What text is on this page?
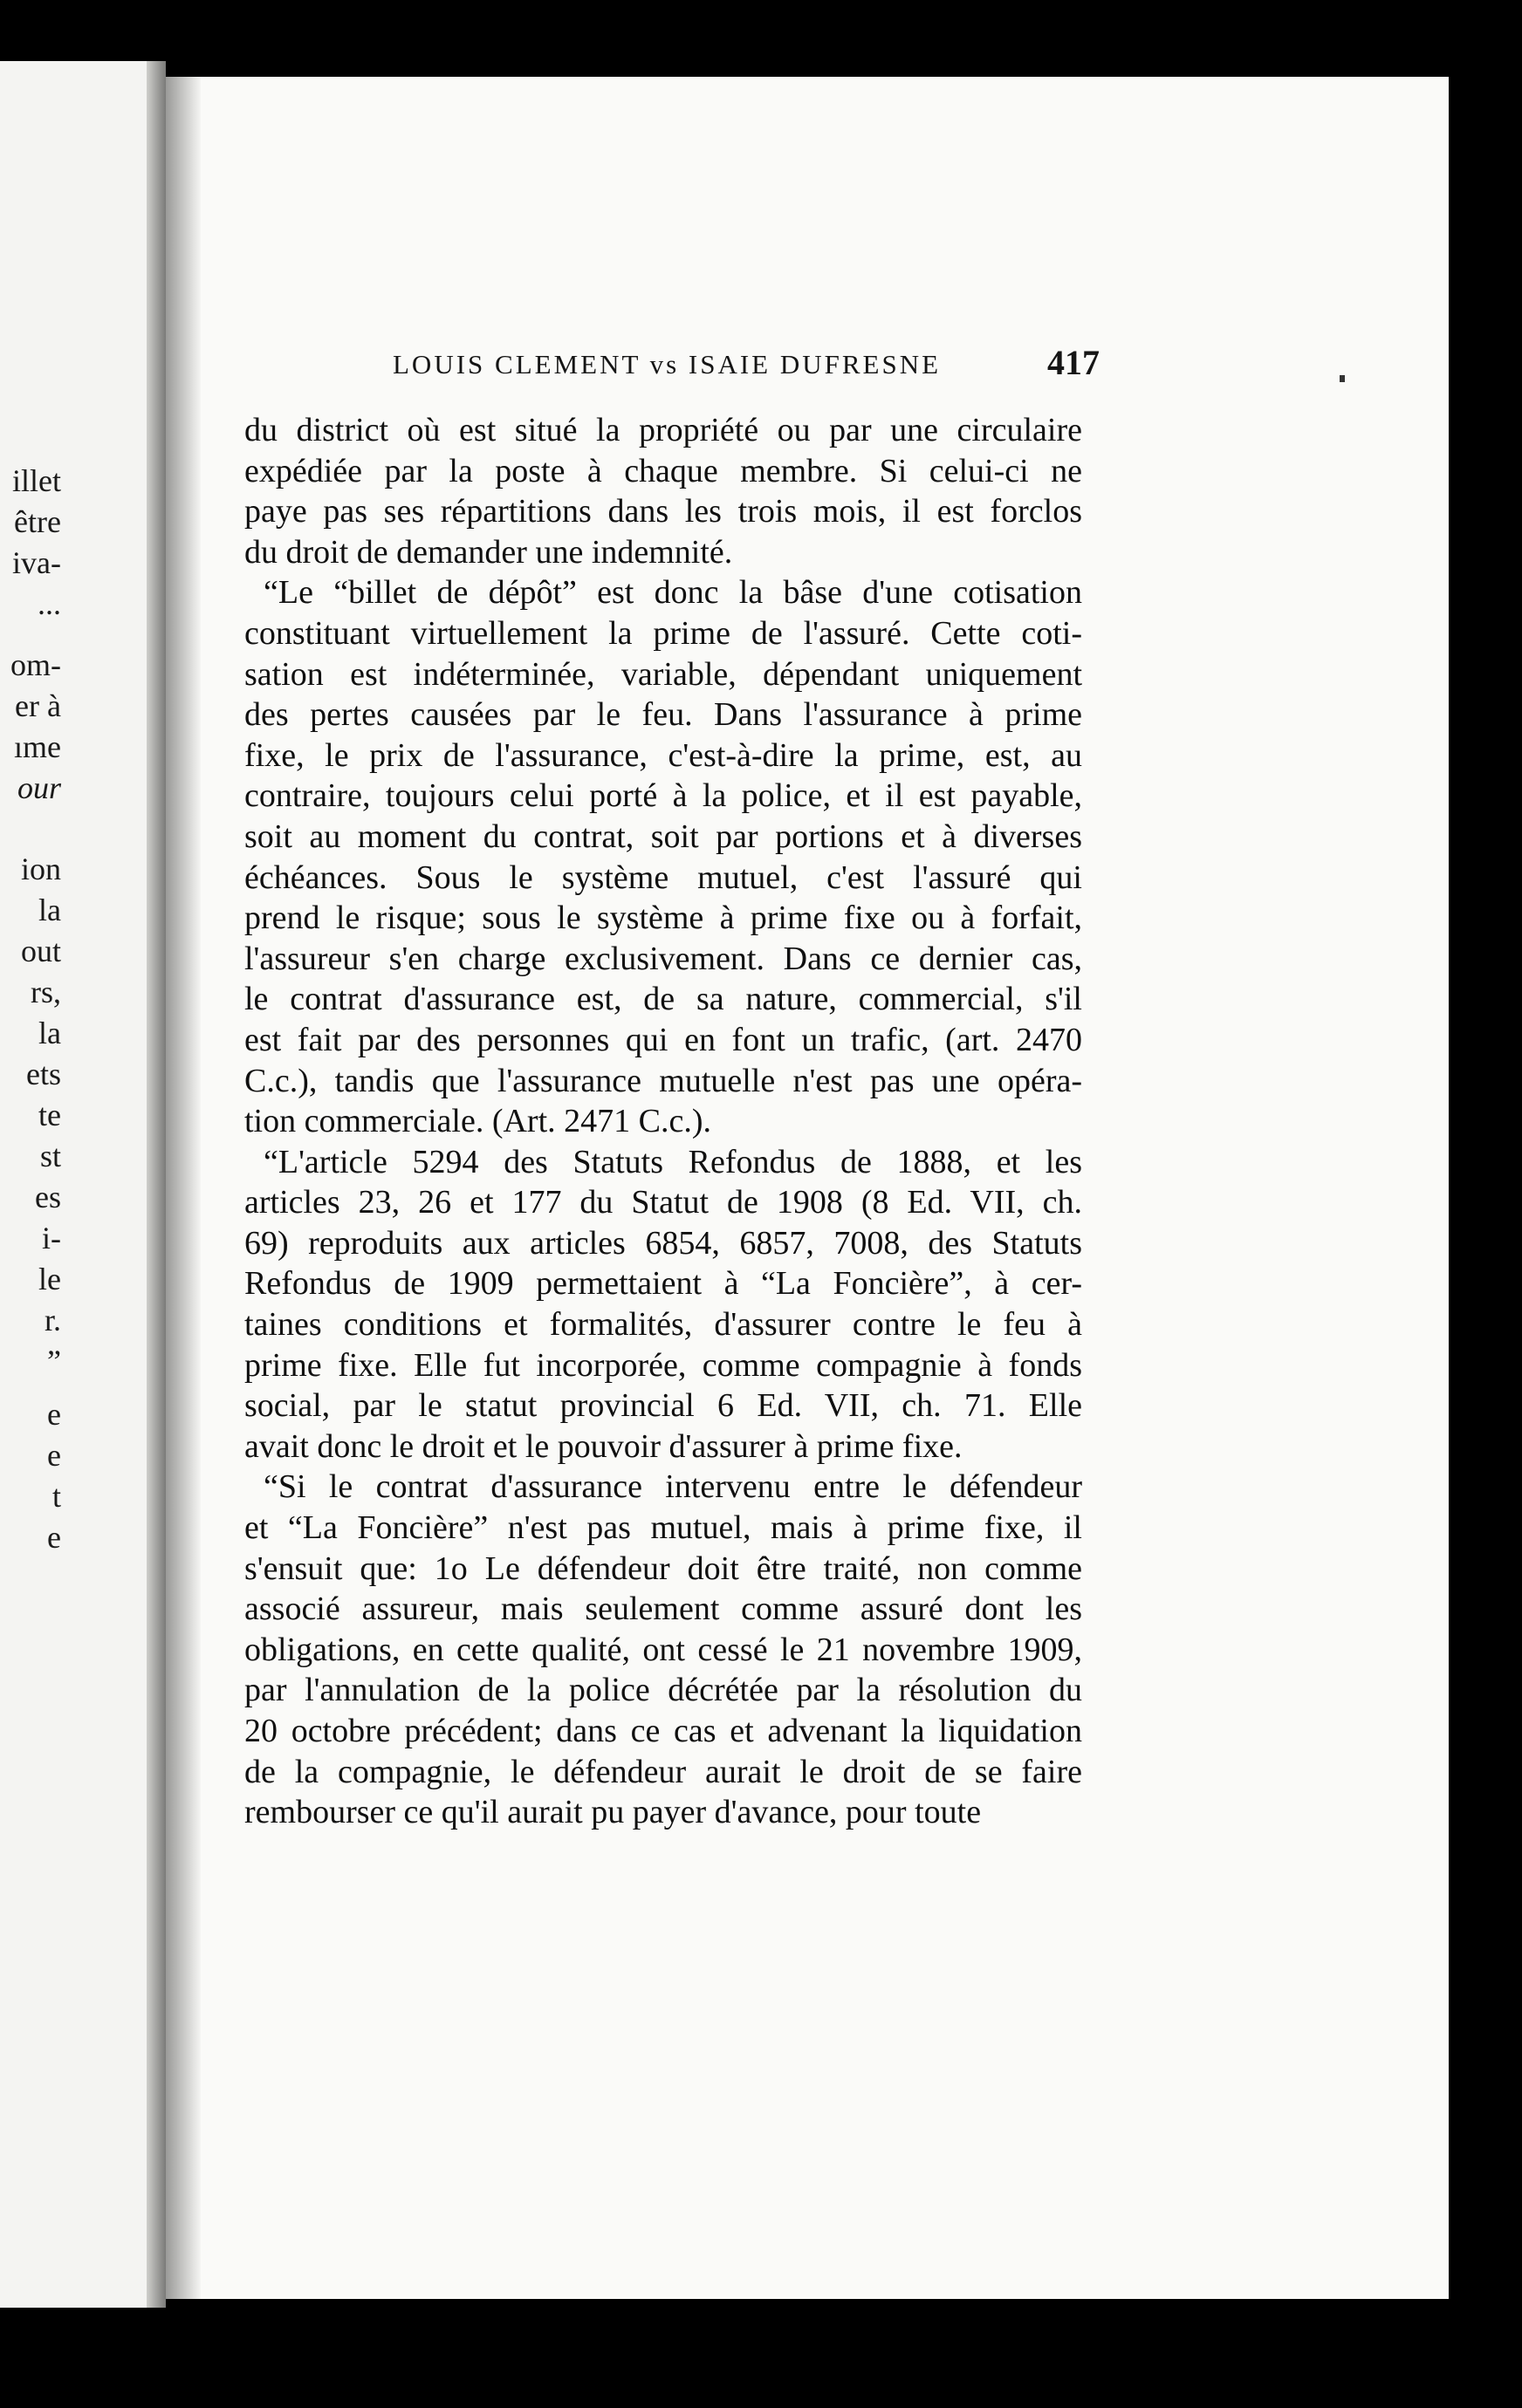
illet
être
iva-
...
om-
er à
ıme
our
ion
la
out
rs,
la
ets
te
st
es
i-
le
r.
”
e
e
t
e
LOUIS CLEMENT vs ISAIE DUFRESNE	417
du district où est situé la propriété ou par une circulaire
expédiée par la poste à chaque membre. Si celui-ci ne
paye pas ses répartitions dans les trois mois, il est forclos
du droit de demander une indemnité.
“Le “billet de dépôt” est donc la bâse d'une cotisation
constituant virtuellement la prime de l'assuré. Cette coti-
sation est indéterminée, variable, dépendant uniquement
des pertes causées par le feu. Dans l'assurance à prime
fixe, le prix de l'assurance, c'est-à-dire la prime, est, au
contraire, toujours celui porté à la police, et il est payable,
soit au moment du contrat, soit par portions et à diverses
échéances. Sous le système mutuel, c'est l'assuré qui
prend le risque; sous le système à prime fixe ou à forfait,
l'assureur s'en charge exclusivement. Dans ce dernier cas,
le contrat d'assurance est, de sa nature, commercial, s'il
est fait par des personnes qui en font un trafic, (art. 2470
C.c.), tandis que l'assurance mutuelle n'est pas une opéra-
tion commerciale. (Art. 2471 C.c.).
“L'article 5294 des Statuts Refondus de 1888, et les
articles 23, 26 et 177 du Statut de 1908 (8 Ed. VII, ch.
69) reproduits aux articles 6854, 6857, 7008, des Statuts
Refondus de 1909 permettaient à “La Foncière”, à cer-
taines conditions et formalités, d'assurer contre le feu à
prime fixe. Elle fut incorporée, comme compagnie à fonds
social, par le statut provincial 6 Ed. VII, ch. 71. Elle
avait donc le droit et le pouvoir d'assurer à prime fixe.
“Si le contrat d'assurance intervenu entre le défendeur
et “La Foncière” n'est pas mutuel, mais à prime fixe, il
s'ensuit que: 1o Le défendeur doit être traité, non comme
associé assureur, mais seulement comme assuré dont les
obligations, en cette qualité, ont cessé le 21 novembre 1909,
par l'annulation de la police décrétée par la résolution du
20 octobre précédent; dans ce cas et advenant la liquidation
de la compagnie, le défendeur aurait le droit de se faire
rembourser ce qu'il aurait pu payer d'avance, pour toute
